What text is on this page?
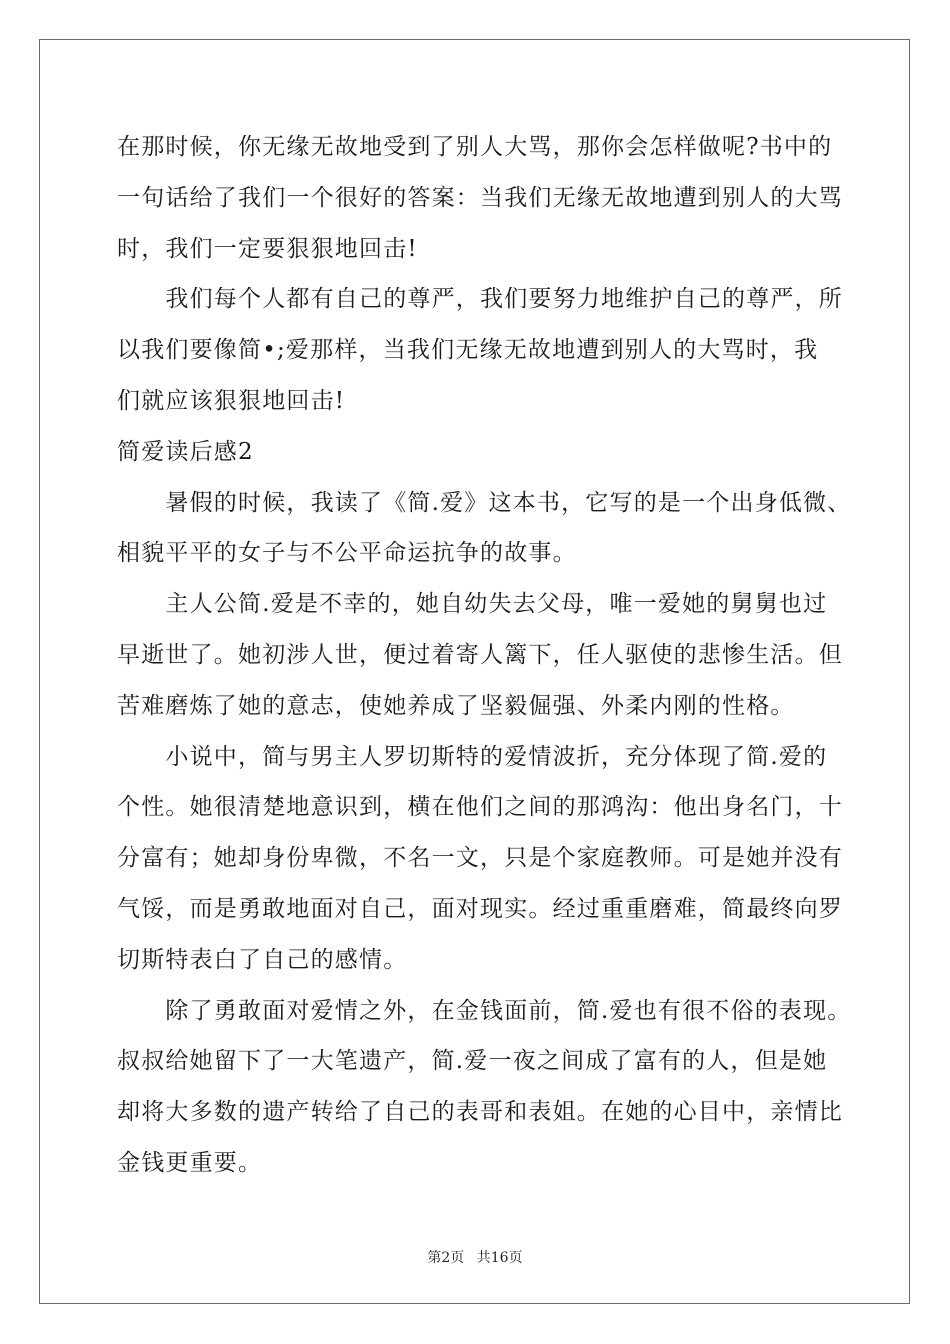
在那时候，你无缘无故地受到了别人大骂，那你会怎样做呢?书中的
一句话给了我们一个很好的答案：当我们无缘无故地遭到别人的大骂
时，我们一定要狠狠地回击!
　　我们每个人都有自己的尊严，我们要努力地维护自己的尊严，所
以我们要像简•;爱那样，当我们无缘无故地遭到别人的大骂时，我
们就应该狠狠地回击!
简爱读后感2
　　暑假的时候，我读了《简.爱》这本书，它写的是一个出身低微、
相貌平平的女子与不公平命运抗争的故事。
　　主人公简.爱是不幸的，她自幼失去父母，唯一爱她的舅舅也过
早逝世了。她初涉人世，便过着寄人篱下，任人驱使的悲惨生活。但
苦难磨炼了她的意志，使她养成了坚毅倔强、外柔内刚的性格。
　　小说中，简与男主人罗切斯特的爱情波折，充分体现了简.爱的
个性。她很清楚地意识到，横在他们之间的那鸿沟：他出身名门，十
分富有；她却身份卑微，不名一文，只是个家庭教师。可是她并没有
气馁，而是勇敢地面对自己，面对现实。经过重重磨难，简最终向罗
切斯特表白了自己的感情。
　　除了勇敢面对爱情之外，在金钱面前，简.爱也有很不俗的表现。
叔叔给她留下了一大笔遗产，简.爱一夜之间成了富有的人，但是她
却将大多数的遗产转给了自己的表哥和表姐。在她的心目中，亲情比
金钱更重要。
第2页 共16页
